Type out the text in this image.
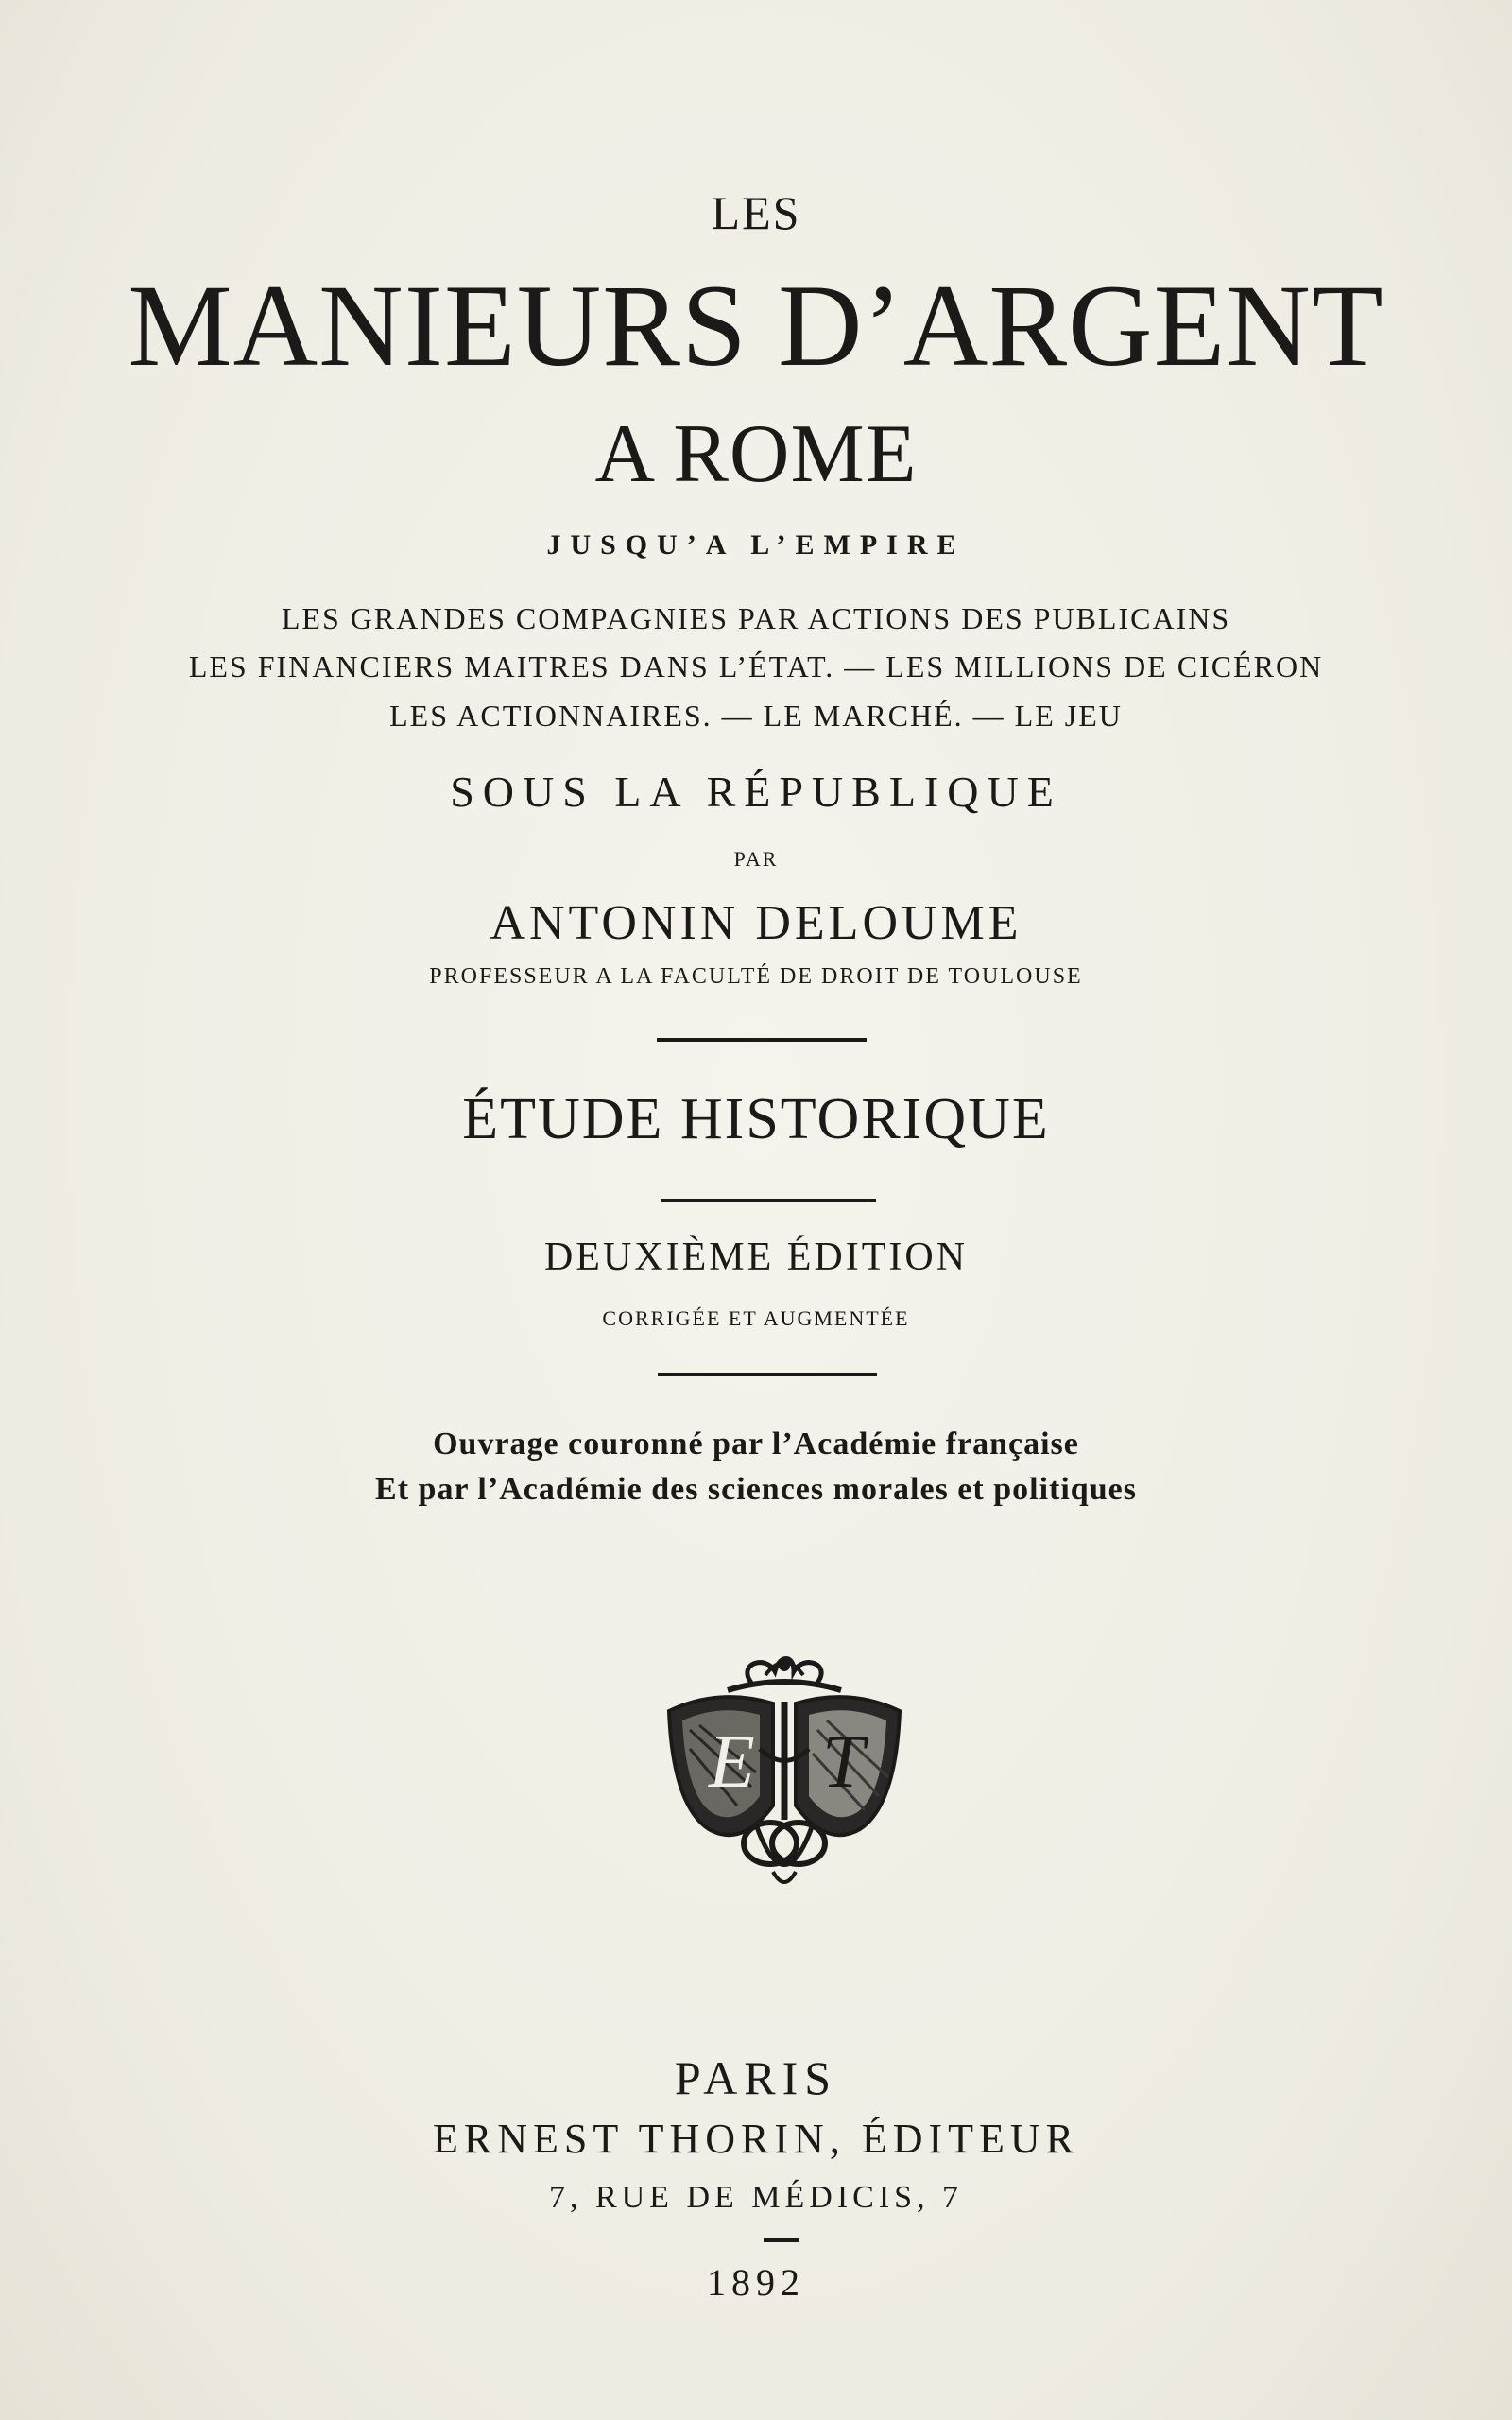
LES
MANIEURS D’ARGENT
A ROME
JUSQU’A L’EMPIRE
LES GRANDES COMPAGNIES PAR ACTIONS DES PUBLICAINS
LES FINANCIERS MAITRES DANS L’ÉTAT. — LES MILLIONS DE CICÉRON
LES ACTIONNAIRES. — LE MARCHÉ. — LE JEU
SOUS LA RÉPUBLIQUE
PAR
ANTONIN DELOUME
PROFESSEUR A LA FACULTÉ DE DROIT DE TOULOUSE
ÉTUDE HISTORIQUE
DEUXIÈME ÉDITION
CORRIGÉE ET AUGMENTÉE
Ouvrage couronné par l’Académie française
Et par l’Académie des sciences morales et politiques
E T
PARIS
ERNEST THORIN, ÉDITEUR
7, RUE DE MÉDICIS, 7
1892
